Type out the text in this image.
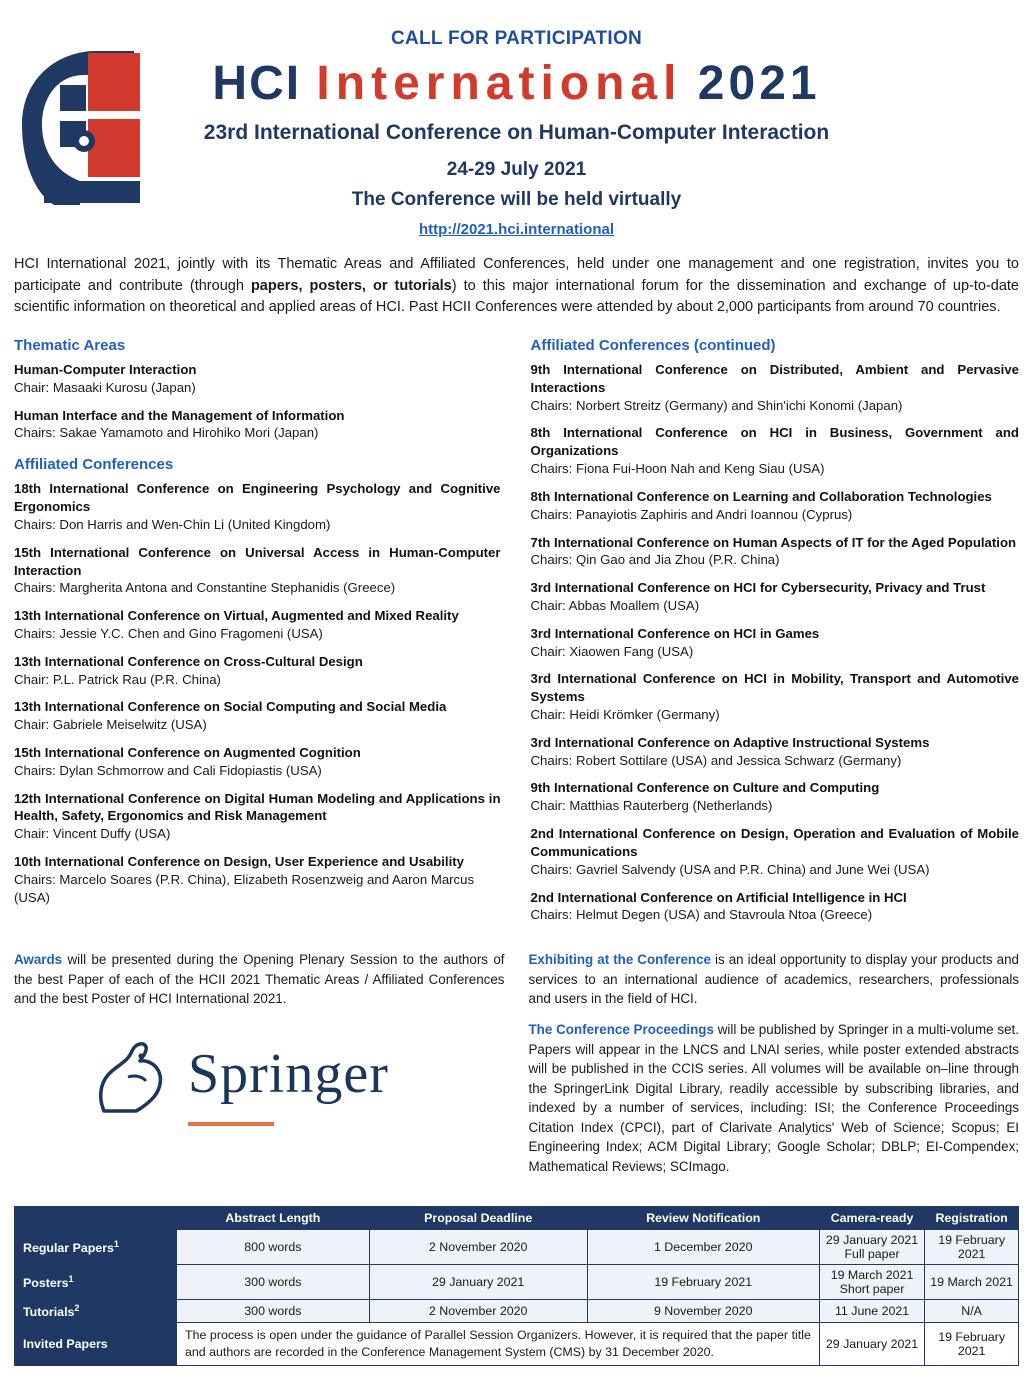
CALL FOR PARTICIPATION
HCI International 2021
23rd International Conference on Human-Computer Interaction
24-29 July 2021
The Conference will be held virtually
http://2021.hci.international
HCI International 2021, jointly with its Thematic Areas and Affiliated Conferences, held under one management and one registration, invites you to participate and contribute (through papers, posters, or tutorials) to this major international forum for the dissemination and exchange of up-to-date scientific information on theoretical and applied areas of HCI. Past HCII Conferences were attended by about 2,000 participants from around 70 countries.
Thematic Areas
Human-Computer Interaction
Chair: Masaaki Kurosu (Japan)
Human Interface and the Management of Information
Chairs: Sakae Yamamoto and Hirohiko Mori (Japan)
Affiliated Conferences
18th International Conference on Engineering Psychology and Cognitive Ergonomics
Chairs: Don Harris and Wen-Chin Li (United Kingdom)
15th International Conference on Universal Access in Human-Computer Interaction
Chairs: Margherita Antona and Constantine Stephanidis (Greece)
13th International Conference on Virtual, Augmented and Mixed Reality
Chairs: Jessie Y.C. Chen and Gino Fragomeni (USA)
13th International Conference on Cross-Cultural Design
Chair: P.L. Patrick Rau (P.R. China)
13th International Conference on Social Computing and Social Media
Chair: Gabriele Meiselwitz (USA)
15th International Conference on Augmented Cognition
Chairs: Dylan Schmorrow and Cali Fidopiastis (USA)
12th International Conference on Digital Human Modeling and Applications in Health, Safety, Ergonomics and Risk Management
Chair: Vincent Duffy (USA)
10th International Conference on Design, User Experience and Usability
Chairs: Marcelo Soares (P.R. China), Elizabeth Rosenzweig and Aaron Marcus (USA)
Affiliated Conferences (continued)
9th International Conference on Distributed, Ambient and Pervasive Interactions
Chairs: Norbert Streitz (Germany) and Shin'ichi Konomi (Japan)
8th International Conference on HCI in Business, Government and Organizations
Chairs: Fiona Fui-Hoon Nah and Keng Siau (USA)
8th International Conference on Learning and Collaboration Technologies
Chairs: Panayiotis Zaphiris and Andri Ioannou (Cyprus)
7th International Conference on Human Aspects of IT for the Aged Population
Chairs: Qin Gao and Jia Zhou (P.R. China)
3rd International Conference on HCI for Cybersecurity, Privacy and Trust
Chair: Abbas Moallem (USA)
3rd International Conference on HCI in Games
Chair: Xiaowen Fang (USA)
3rd International Conference on HCI in Mobility, Transport and Automotive Systems
Chair: Heidi Krömker (Germany)
3rd International Conference on Adaptive Instructional Systems
Chairs: Robert Sottilare (USA) and Jessica Schwarz (Germany)
9th International Conference on Culture and Computing
Chair: Matthias Rauterberg (Netherlands)
2nd International Conference on Design, Operation and Evaluation of Mobile Communications
Chairs: Gavriel Salvendy (USA and P.R. China) and June Wei (USA)
2nd International Conference on Artificial Intelligence in HCI
Chairs: Helmut Degen (USA) and Stavroula Ntoa (Greece)

Awards will be presented during the Opening Plenary Session to the authors of the best Paper of each of the HCII 2021 Thematic Areas / Affiliated Conferences and the best Poster of HCI International 2021.

Springer

Exhibiting at the Conference is an ideal opportunity to display your products and services to an international audience of academics, researchers, professionals and users in the field of HCI.

The Conference Proceedings will be published by Springer in a multi-volume set. Papers will appear in the LNCS and LNAI series, while poster extended abstracts will be published in the CCIS series. All volumes will be available on–line through the SpringerLink Digital Library, readily accessible by subscribing libraries, and indexed by a number of services, including: ISI; the Conference Proceedings Citation Index (CPCI), part of Clarivate Analytics' Web of Science; Scopus; EI Engineering Index; ACM Digital Library; Google Scholar; DBLP; EI-Compendex; Mathematical Reviews; SCImago.

	Abstract Length	Proposal Deadline	Review Notification	Camera-ready	Registration
Regular Papers$^1$	800 words	2 November 2020	1 December 2020	29 January 2021 Full paper	19 February 2021
Posters$^1$	300 words	29 January 2021	19 February 2021	19 March 2021 Short paper	19 March 2021
Tutorials$^2$	300 words	2 November 2020	9 November 2020	11 June 2021	N/A
Invited Papers	The process is open under the guidance of Parallel Session Organizers. However, it is required that the paper title and authors are recorded in the Conference Management System (CMS) by 31 December 2020.			29 January 2021	19 February 2021
